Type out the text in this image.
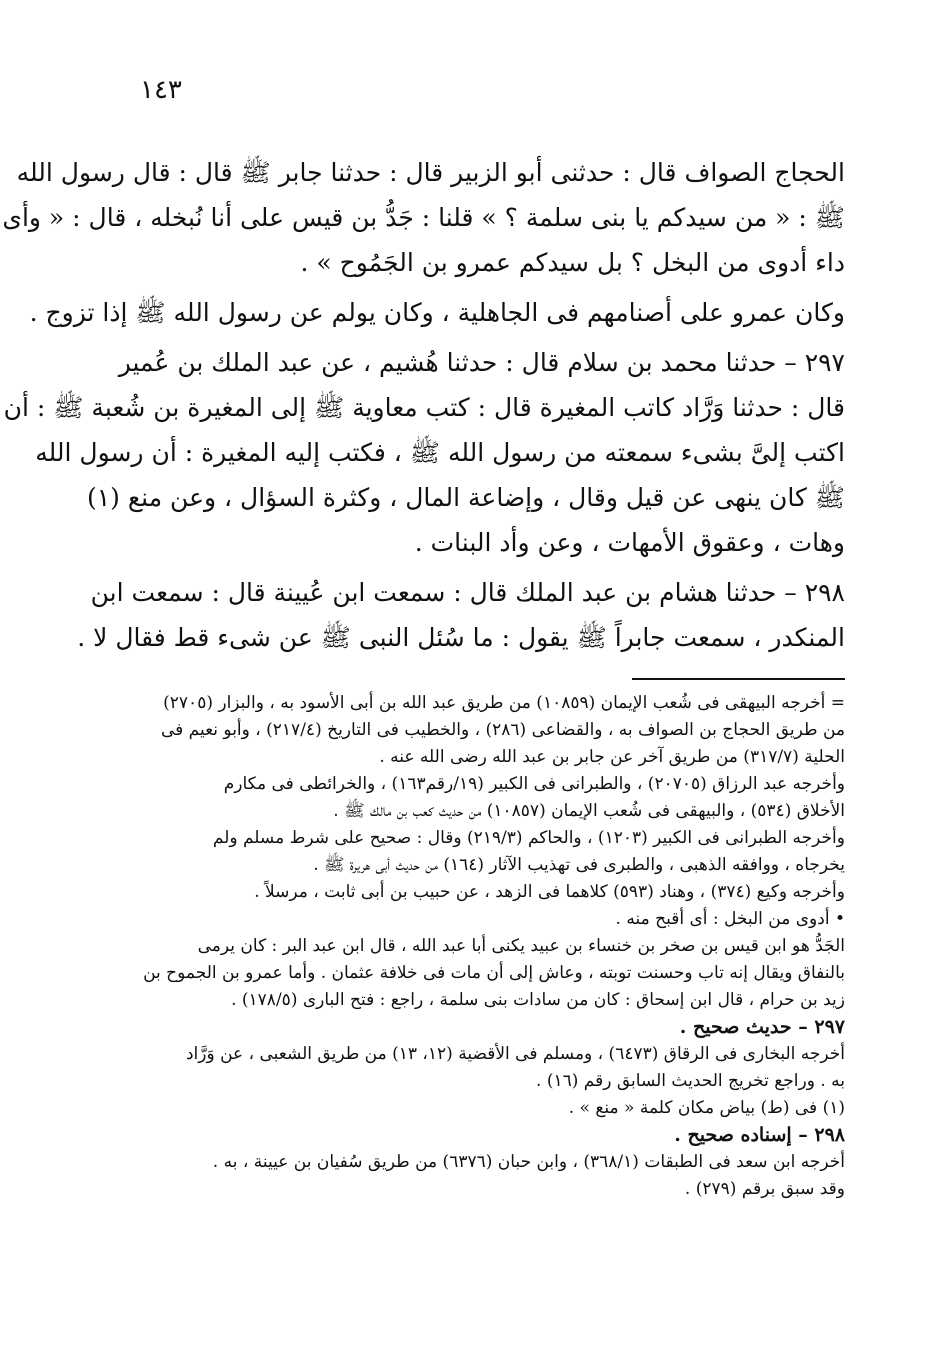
١٤٣

الحجاج الصواف قال : حدثنى أبو الزبير قال : حدثنا جابر ﷺ قال : قال رسول الله

ﷺ : « من سيدكم يا بنى سلمة ؟ » قلنا : جَدُّ بن قيس على أنا نُبخله ، قال : « وأى

داء أدوى من البخل ؟ بل سيدكم عمرو بن الجَمُوح » .

وكان عمرو على أصنامهم فى الجاهلية ، وكان يولم عن رسول الله ﷺ إذا تزوج .

٢٩٧ – حدثنا محمد بن سلام قال : حدثنا هُشيم ، عن عبد الملك بن عُمير

قال : حدثنا وَرَّاد كاتب المغيرة قال : كتب معاوية ﷺ إلى المغيرة بن شُعبة ﷺ : أن

اكتب إلىَّ بشىء سمعته من رسول الله ﷺ ، فكتب إليه المغيرة : أن رسول الله

ﷺ كان ينهى عن قيل وقال ، وإضاعة المال ، وكثرة السؤال ، وعن منع (١)

وهات ، وعقوق الأمهات ، وعن وأد البنات .

٢٩٨ – حدثنا هشام بن عبد الملك قال : سمعت ابن عُيينة قال : سمعت ابن

المنكدر ، سمعت جابراً ﷺ يقول : ما سُئل النبى ﷺ عن شىء قط فقال لا .

= أخرجه البيهقى فى شُعب الإيمان (١٠٨٥٩) من طريق عبد الله بن أبى الأسود به ، والبزار (٢٧٠٥)

من طريق الحجاج بن الصواف به ، والقضاعى (٢٨٦) ، والخطيب فى التاريخ (٢١٧/٤) ، وأبو نعيم فى

الحلية (٣١٧/٧) من طريق آخر عن جابر بن عبد الله رضى الله عنه .

وأخرجه عبد الرزاق (٢٠٧٠٥) ، والطبرانى فى الكبير (١٩/رقم١٦٣) ، والخرائطى فى مكارم

الأخلاق (٥٣٤) ، والبيهقى فى شُعب الإيمان (١٠٨٥٧) من حديث كعب بن مالك ﷺ .

وأخرجه الطبرانى فى الكبير (١٢٠٣) ، والحاكم (٢١٩/٣) وقال : صحيح على شرط مسلم ولم

يخرجاه ، ووافقه الذهبى ، والطبرى فى تهذيب الآثار (١٦٤) من حديث أبى هريرة ﷺ .

وأخرجه وكيع (٣٧٤) ، وهناد (٥٩٣) كلاهما فى الزهد ، عن حبيب بن أبى ثابت ، مرسلاً .

• أدوى من البخل : أى أقبح منه .

الجَدُّ هو ابن قيس بن صخر بن خنساء بن عبيد يكنى أبا عبد الله ، قال ابن عبد البر : كان يرمى

بالنفاق ويقال إنه تاب وحسنت توبته ، وعاش إلى أن مات فى خلافة عثمان . وأما عمرو بن الجموح بن

زيد بن حرام ، قال ابن إسحاق : كان من سادات بنى سلمة ، راجع : فتح البارى (١٧٨/٥) .

٢٩٧ – حديث صحيح .

أخرجه البخارى فى الرقاق (٦٤٧٣) ، ومسلم فى الأقضية (١٢، ١٣) من طريق الشعبى ، عن وَرَّاد

به . وراجع تخريج الحديث السابق رقم (١٦) .

(١) فى (ط) بياض مكان كلمة « منع » .

٢٩٨ – إسناده صحيح .

أخرجه ابن سعد فى الطبقات (٣٦٨/١) ، وابن حبان (٦٣٧٦) من طريق سُفيان بن عيينة ، به .

وقد سبق برقم (٢٧٩) .
